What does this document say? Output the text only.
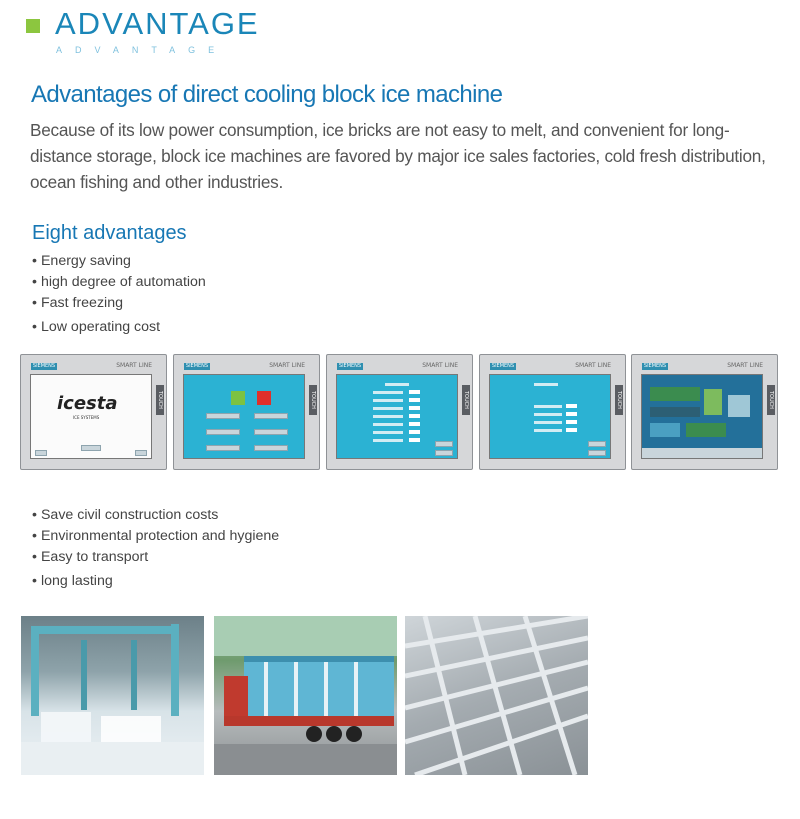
ADVANTAGE
ADVANTAGE
Advantages of direct cooling block ice machine
Because of its low power consumption, ice bricks are not easy to melt, and convenient for long-distance storage, block ice machines are favored by major ice sales factories, cold fresh distribution, ocean fishing and other industries.
Eight advantages
• Energy saving
• high degree of automation
• Fast freezing
• Low operating cost
SIEMENS	SMART LINE
TOUCH
icesta
ICE SYSTEMS
SIEMENS	SMART LINE
TOUCH
SIEMENS	SMART LINE
TOUCH
SIEMENS	SMART LINE
TOUCH
SIEMENS	SMART LINE
TOUCH
• Save civil construction costs
• Environmental protection and hygiene
• Easy to transport
• long lasting
